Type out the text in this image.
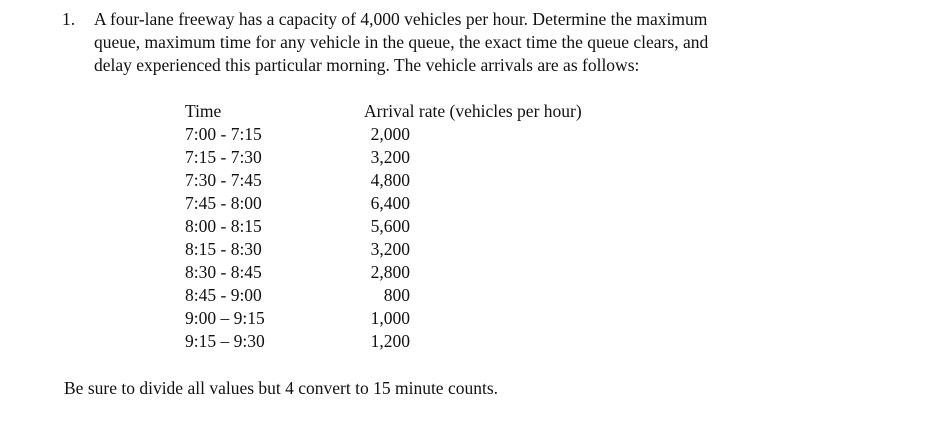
1. A four-lane freeway has a capacity of 4,000 vehicles per hour. Determine the maximum
queue, maximum time for any vehicle in the queue, the exact time the queue clears, and
delay experienced this particular morning. The vehicle arrivals are as follows:
Time	Arrival rate (vehicles per hour)
7:00 - 7:15	2,000
7:15 - 7:30	3,200
7:30 - 7:45	4,800
7:45 - 8:00	6,400
8:00 - 8:15	5,600
8:15 - 8:30	3,200
8:30 - 8:45	2,800
8:45 - 9:00	800
9:00 – 9:15	1,000
9:15 – 9:30	1,200
Be sure to divide all values but 4 convert to 15 minute counts.
